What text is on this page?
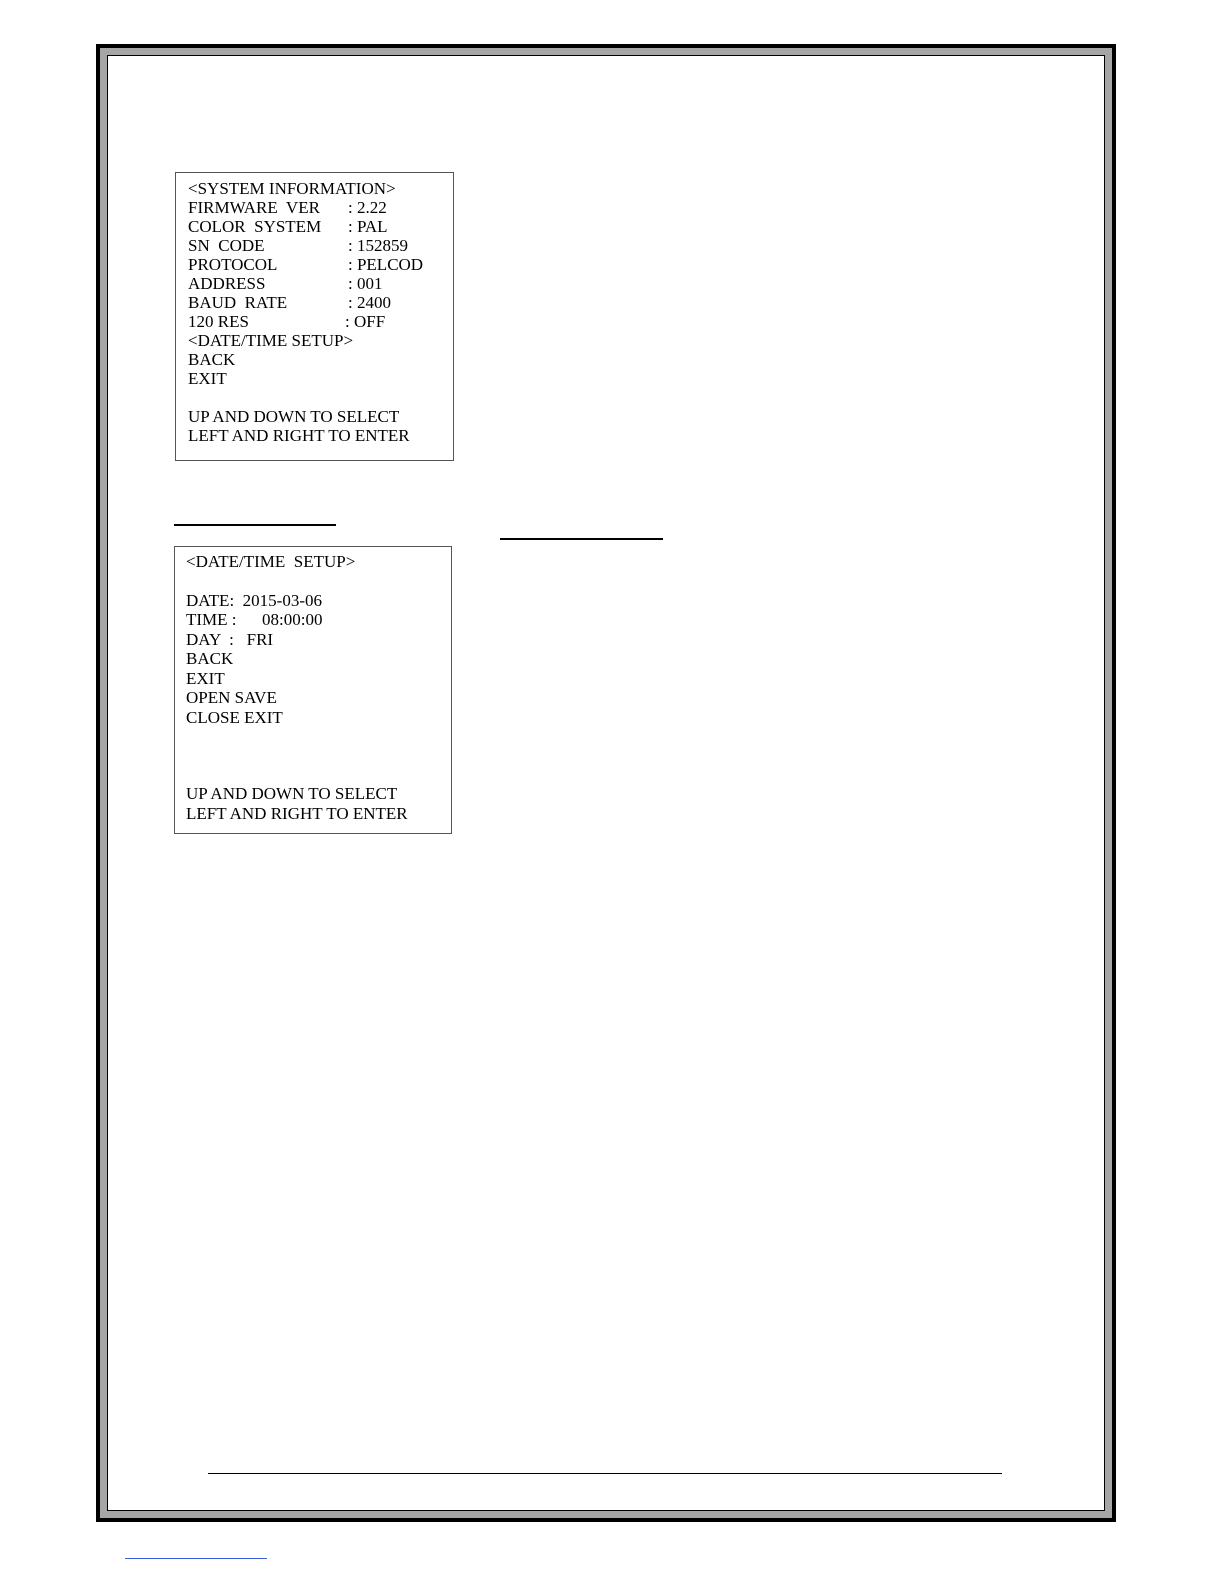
<SYSTEM INFORMATION>
FIRMWARE  VER	: 2.22
COLOR  SYSTEM	: PAL
SN  CODE	: 152859
PROTOCOL	: PELCOD
ADDRESS	: 001
BAUD  RATE	: 2400
120 RES	: OFF
<DATE/TIME SETUP>
BACK
EXIT
UP AND DOWN TO SELECT
LEFT AND RIGHT TO ENTER
<DATE/TIME  SETUP>
DATE:  2015-03-06
TIME :      08:00:00
DAY  :   FRI
BACK
EXIT
OPEN SAVE
CLOSE EXIT
UP AND DOWN TO SELECT
LEFT AND RIGHT TO ENTER
